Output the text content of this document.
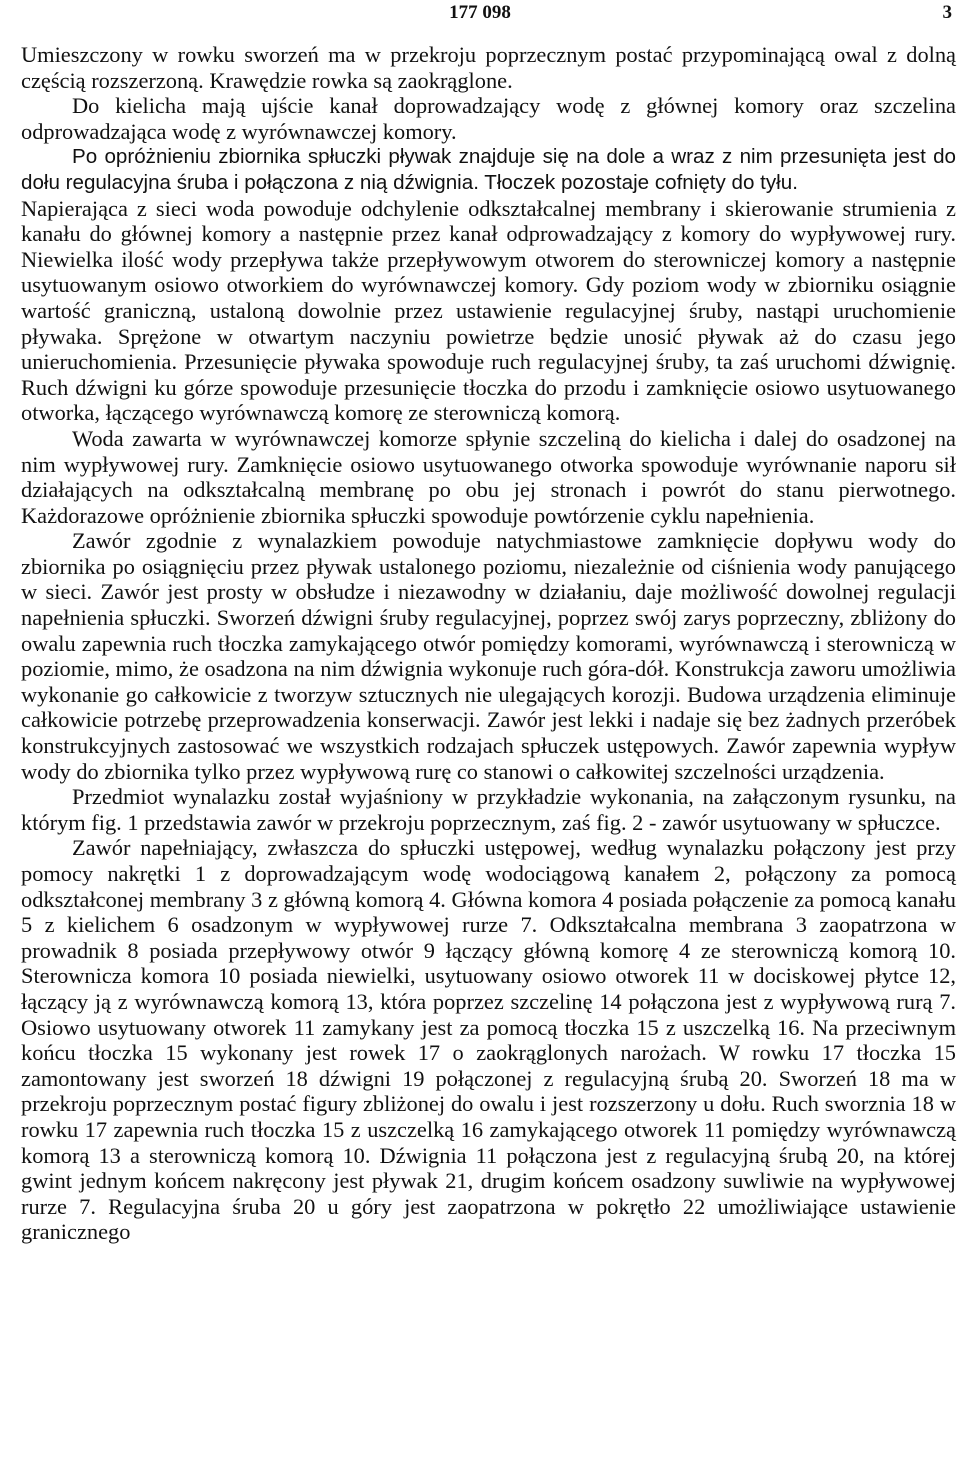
177 098	3

Umieszczony w rowku sworzeń ma w przekroju poprzecznym postać przypominającą owal z dolną częścią rozszerzoną. Krawędzie rowka są zaokrąglone.

Do kielicha mają ujście kanał doprowadzający wodę z głównej komory oraz szczelina odprowadzająca wodę z wyrównawczej komory.

Po opróżnieniu zbiornika spłuczki pływak znajduje się na dole a wraz z nim przesunięta jest do dołu regulacyjna śruba i połączona z nią dźwignia. Tłoczek pozostaje cofnięty do tyłu.

Napierająca z sieci woda powoduje odchylenie odkształcalnej membrany i skierowanie strumienia z kanału do głównej komory a następnie przez kanał odprowadzający z komory do wypływowej rury. Niewielka ilość wody przepływa także przepływowym otworem do sterowniczej komory a następnie usytuowanym osiowo otworkiem do wyrównawczej komory. Gdy poziom wody w zbiorniku osiągnie wartość graniczną, ustaloną dowolnie przez ustawienie regulacyjnej śruby, nastąpi uruchomienie pływaka. Sprężone w otwartym naczyniu powietrze będzie unosić pływak aż do czasu jego unieruchomienia. Przesunięcie pływaka spowoduje ruch regulacyjnej śruby, ta zaś uruchomi dźwignię. Ruch dźwigni ku górze spowoduje przesunięcie tłoczka do przodu i zamknięcie osiowo usytuowanego otworka, łączącego wyrównawczą komorę ze sterowniczą komorą.

Woda zawarta w wyrównawczej komorze spłynie szczeliną do kielicha i dalej do osadzonej na nim wypływowej rury. Zamknięcie osiowo usytuowanego otworka spowoduje wyrównanie naporu sił działających na odkształcalną membranę po obu jej stronach i powrót do stanu pierwotnego. Każdorazowe opróżnienie zbiornika spłuczki spowoduje powtórzenie cyklu napełnienia.

Zawór zgodnie z wynalazkiem powoduje natychmiastowe zamknięcie dopływu wody do zbiornika po osiągnięciu przez pływak ustalonego poziomu, niezależnie od ciśnienia wody panującego w sieci. Zawór jest prosty w obsłudze i niezawodny w działaniu, daje możliwość dowolnej regulacji napełnienia spłuczki. Sworzeń dźwigni śruby regulacyjnej, poprzez swój zarys poprzeczny, zbliżony do owalu zapewnia ruch tłoczka zamykającego otwór pomiędzy komorami, wyrównawczą i sterowniczą w poziomie, mimo, że osadzona na nim dźwignia wykonuje ruch góra-dół. Konstrukcja zaworu umożliwia wykonanie go całkowicie z tworzyw sztucznych nie ulegających korozji. Budowa urządzenia eliminuje całkowicie potrzebę przeprowadzenia konserwacji. Zawór jest lekki i nadaje się bez żadnych przeróbek konstrukcyjnych zastosować we wszystkich rodzajach spłuczek ustępowych. Zawór zapewnia wypływ wody do zbiornika tylko przez wypływową rurę co stanowi o całkowitej szczelności urządzenia.

Przedmiot wynalazku został wyjaśniony w przykładzie wykonania, na załączonym rysunku, na którym fig. 1 przedstawia zawór w przekroju poprzecznym, zaś fig. 2 - zawór usytuowany w spłuczce.

Zawór napełniający, zwłaszcza do spłuczki ustępowej, według wynalazku połączony jest przy pomocy nakrętki 1 z doprowadzającym wodę wodociągową kanałem 2, połączony za pomocą odkształconej membrany 3 z główną komorą 4. Główna komora 4 posiada połączenie za pomocą kanału 5 z kielichem 6 osadzonym w wypływowej rurze 7. Odkształcalna membrana 3 zaopatrzona w prowadnik 8 posiada przepływowy otwór 9 łączący główną komorę 4 ze sterowniczą komorą 10. Sterownicza komora 10 posiada niewielki, usytuowany osiowo otworek 11 w dociskowej płytce 12, łączący ją z wyrównawczą komorą 13, która poprzez szczelinę 14 połączona jest z wypływową rurą 7. Osiowo usytuowany otworek 11 zamykany jest za pomocą tłoczka 15 z uszczelką 16. Na przeciwnym końcu tłoczka 15 wykonany jest rowek 17 o zaokrąglonych narożach. W rowku 17 tłoczka 15 zamontowany jest sworzeń 18 dźwigni 19 połączonej z regulacyjną śrubą 20. Sworzeń 18 ma w przekroju poprzecznym postać figury zbliżonej do owalu i jest rozszerzony u dołu. Ruch sworznia 18 w rowku 17 zapewnia ruch tłoczka 15 z uszczelką 16 zamykającego otworek 11 pomiędzy wyrównawczą komorą 13 a sterowniczą komorą 10. Dźwignia 11 połączona jest z regulacyjną śrubą 20, na której gwint jednym końcem nakręcony jest pływak 21, drugim końcem osadzony suwliwie na wypływowej rurze 7. Regulacyjna śruba 20 u góry jest zaopatrzona w pokrętło 22 umożliwiające ustawienie granicznego
